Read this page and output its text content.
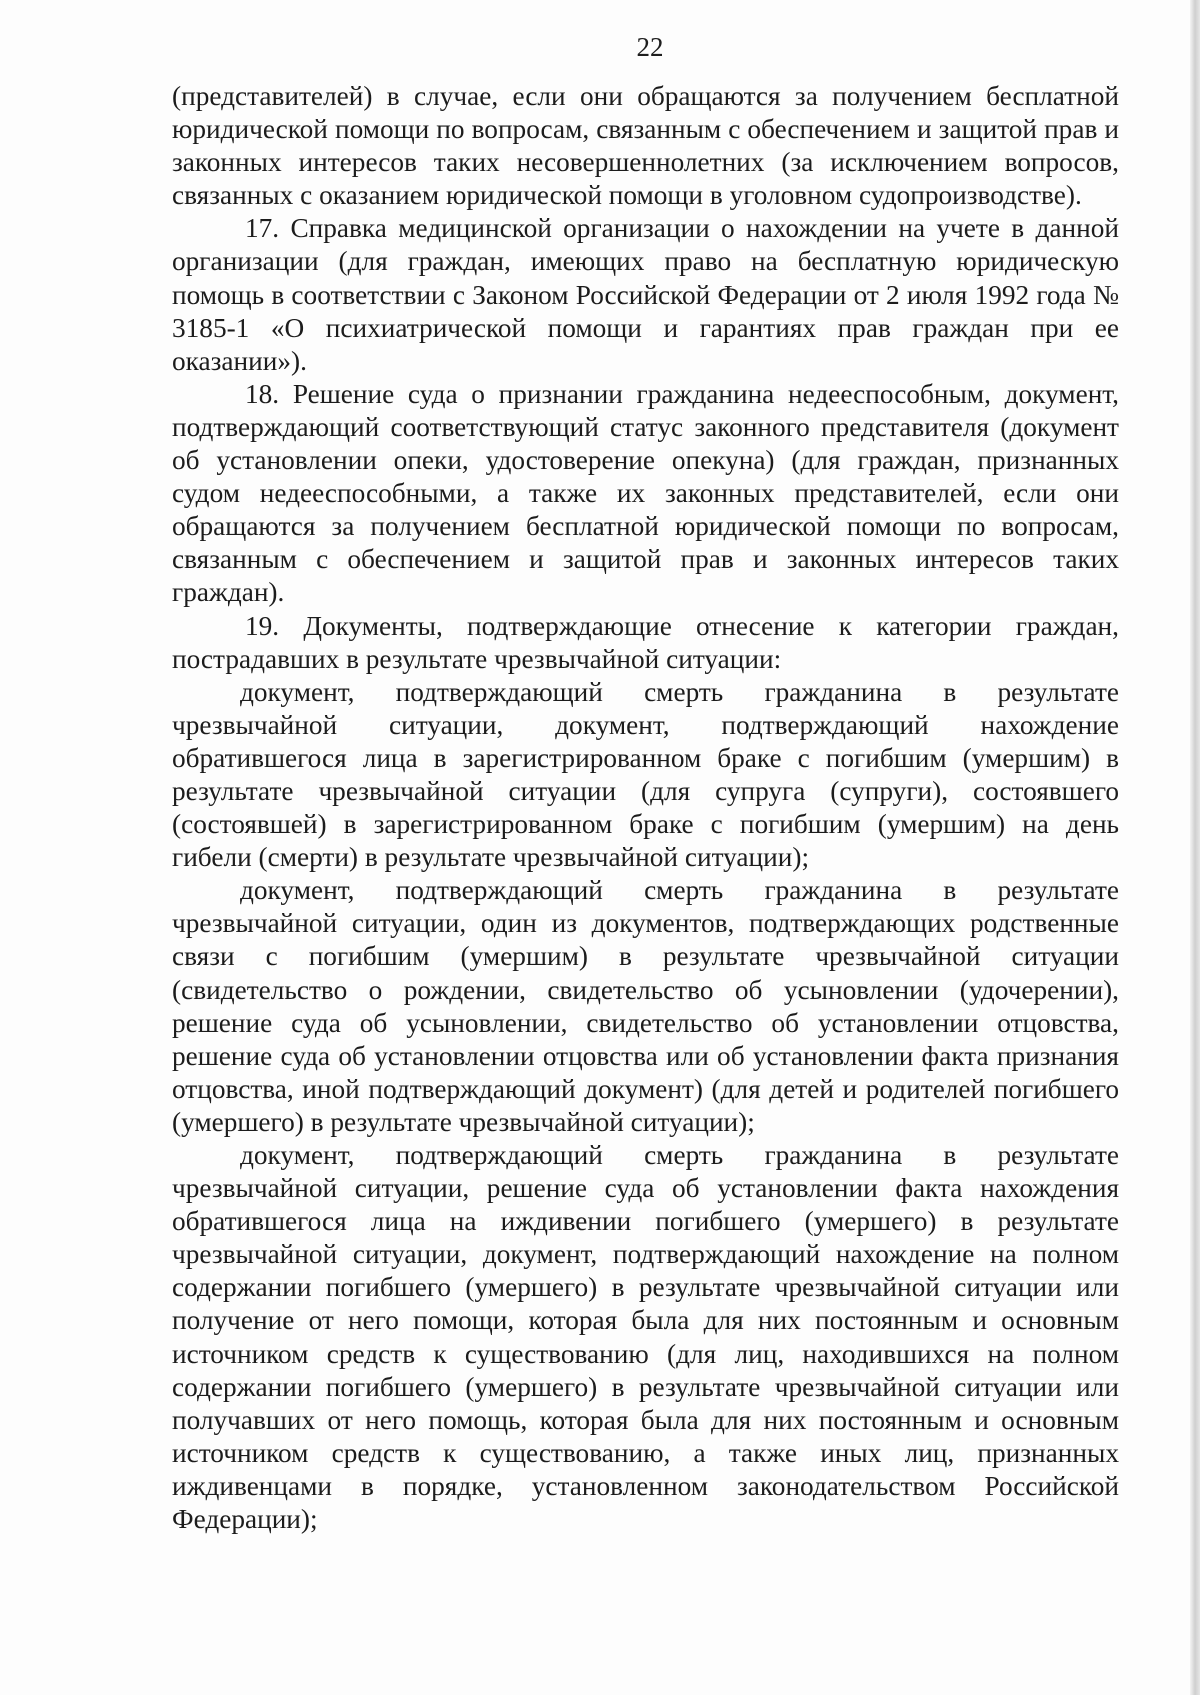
22

(представителей) в случае, если они обращаются за получением бесплатной юридической помощи по вопросам, связанным с обеспечением и защитой прав и законных интересов таких несовершеннолетних (за исключением вопросов, связанных с оказанием юридической помощи в уголовном судопроизводстве).

17. Справка медицинской организации о нахождении на учете в данной организации (для граждан, имеющих право на бесплатную юридическую помощь в соответствии с Законом Российской Федерации от 2 июля 1992 года № 3185-1 «О психиатрической помощи и гарантиях прав граждан при ее оказании»).

18. Решение суда о признании гражданина недееспособным, документ, подтверждающий соответствующий статус законного представителя (документ об установлении опеки, удостоверение опекуна) (для граждан, признанных судом недееспособными, а также их законных представителей, если они обращаются за получением бесплатной юридической помощи по вопросам, связанным с обеспечением и защитой прав и законных интересов таких граждан).

19. Документы, подтверждающие отнесение к категории граждан, пострадавших в результате чрезвычайной ситуации:

документ, подтверждающий смерть гражданина в результате чрезвычайной ситуации, документ, подтверждающий нахождение обратившегося лица в зарегистрированном браке с погибшим (умершим) в результате чрезвычайной ситуации (для супруга (супруги), состоявшего (состоявшей) в зарегистрированном браке с погибшим (умершим) на день гибели (смерти) в результате чрезвычайной ситуации);

документ, подтверждающий смерть гражданина в результате чрезвычайной ситуации, один из документов, подтверждающих родственные связи с погибшим (умершим) в результате чрезвычайной ситуации (свидетельство о рождении, свидетельство об усыновлении (удочерении), решение суда об усыновлении, свидетельство об установлении отцовства, решение суда об установлении отцовства или об установлении факта признания отцовства, иной подтверждающий документ) (для детей и родителей погибшего (умершего) в результате чрезвычайной ситуации);

документ, подтверждающий смерть гражданина в результате чрезвычайной ситуации, решение суда об установлении факта нахождения обратившегося лица на иждивении погибшего (умершего) в результате чрезвычайной ситуации, документ, подтверждающий нахождение на полном содержании погибшего (умершего) в результате чрезвычайной ситуации или получение от него помощи, которая была для них постоянным и основным источником средств к существованию (для лиц, находившихся на полном содержании погибшего (умершего) в результате чрезвычайной ситуации или получавших от него помощь, которая была для них постоянным и основным источником средств к существованию, а также иных лиц, признанных иждивенцами в порядке, установленном законодательством Российской Федерации);
